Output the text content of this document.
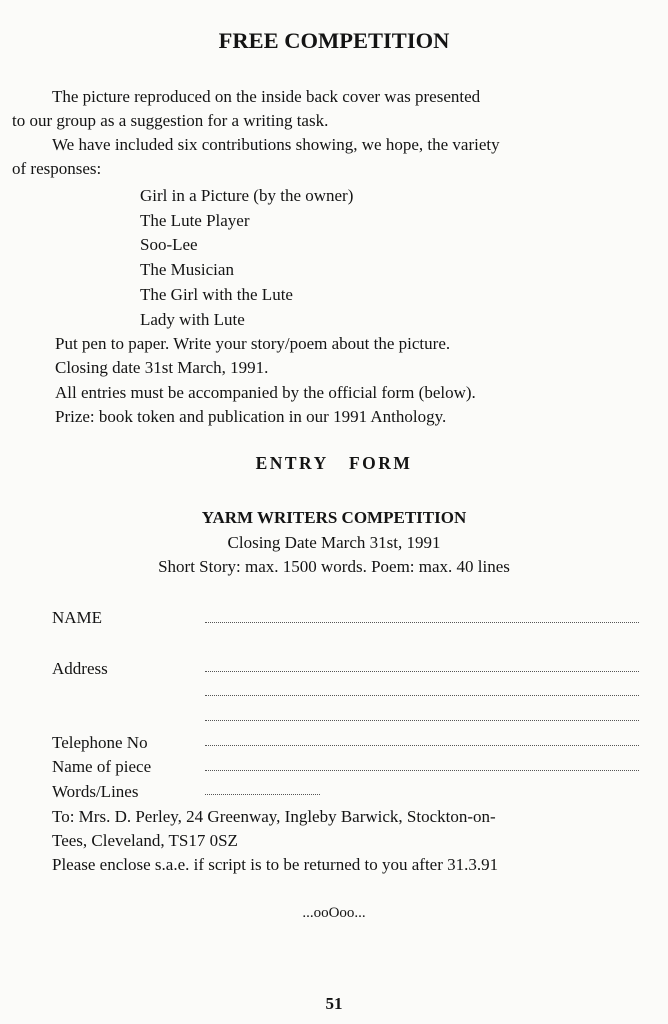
FREE COMPETITION
The picture reproduced on the inside back cover was presented
to our group as a suggestion for a writing task.
We have included six contributions showing, we hope, the variety
of responses:
Girl in a Picture (by the owner)
The Lute Player
Soo-Lee
The Musician
The Girl with the Lute
Lady with Lute
Put pen to paper. Write your story/poem about the picture.
Closing date 31st March, 1991.
All entries must be accompanied by the official form (below).
Prize: book token and publication in our 1991 Anthology.
ENTRY FORM
YARM WRITERS COMPETITION
Closing Date March 31st, 1991
Short Story: max. 1500 words. Poem: max. 40 lines
NAME
Address
Telephone No
Name of piece
Words/Lines
To: Mrs. D. Perley, 24 Greenway, Ingleby Barwick, Stockton-on-
Tees, Cleveland, TS17 0SZ
Please enclose s.a.e. if script is to be returned to you after 31.3.91
...ooOoo...
51
